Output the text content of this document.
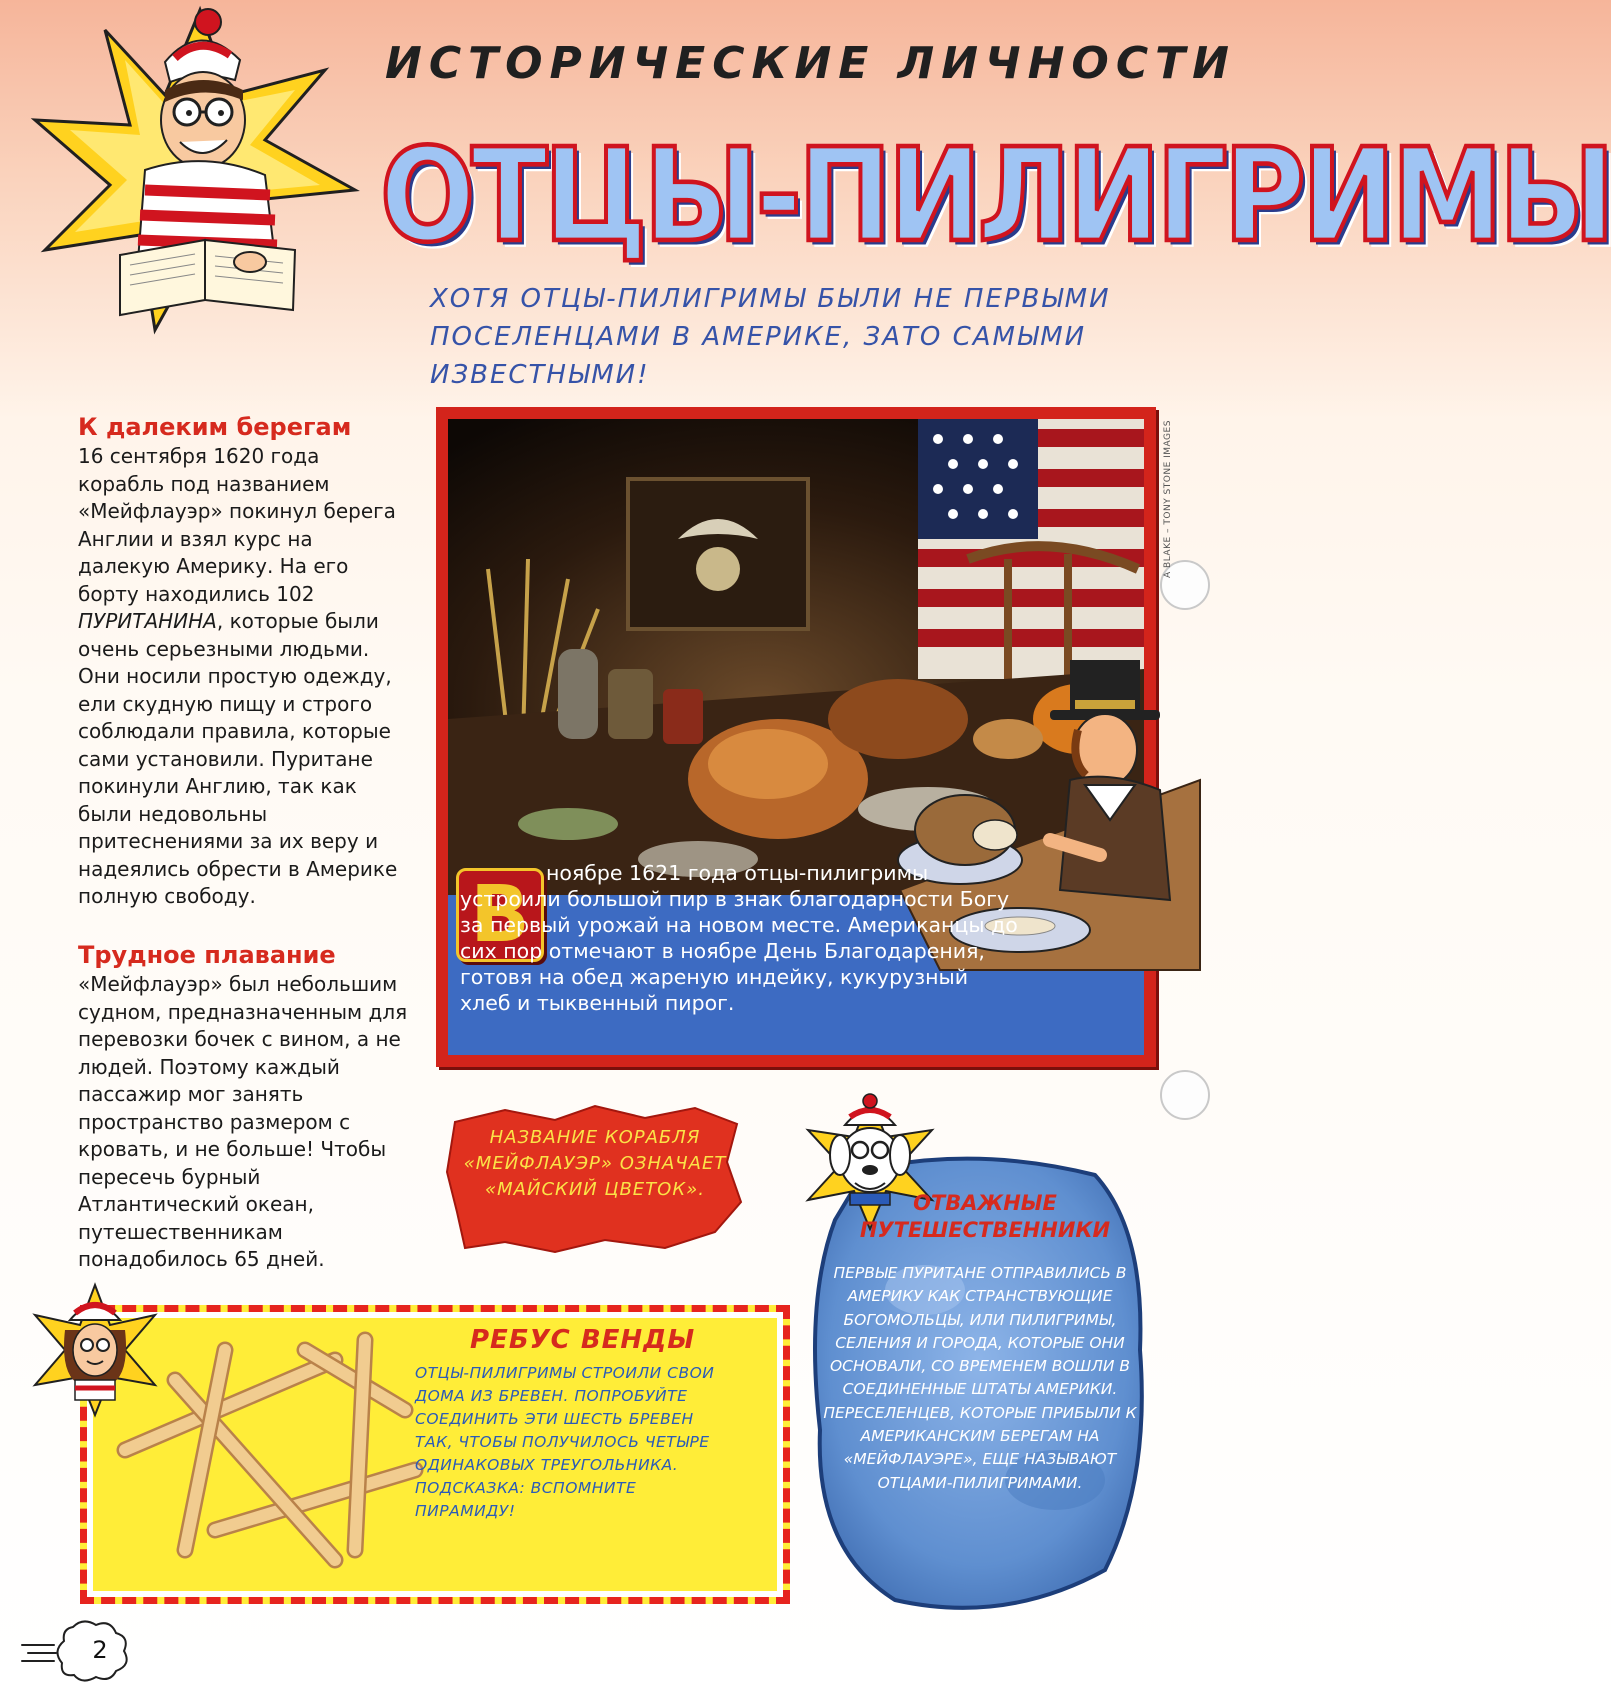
ИСТОРИЧЕСКИЕ ЛИЧНОСТИ
ОТЦЫ-ПИЛИГРИМЫ
ХОТЯ ОТЦЫ-ПИЛИГРИМЫ БЫЛИ НЕ ПЕРВЫМИ ПОСЕЛЕНЦАМИ В АМЕРИКЕ, ЗАТО САМЫМИ ИЗВЕСТНЫМИ!
К далеким берегам

16 сентября 1620 года корабль под названием «Мейфлауэр» покинул берега Англии и взял курс на далекую Америку. На его борту находились 102 ПУРИТАНИНА, которые были очень серьезными людьми. Они носили простую одежду, ели скудную пищу и строго соблюдали правила, которые сами установили. Пуритане покинули Англию, так как были недовольны притеснениями за их веру и надеялись обрести в Америке полную свободу.

Трудное плавание

«Мейфлауэр» был небольшим судном, предназначенным для перевозки бочек с вином, а не людей. Поэтому каждый пассажир мог занять пространство размером с кровать, и не больше! Чтобы пересечь бурный Атлантический океан, путешественникам понадобилось 65 дней.

A BLAKE – TONY STONE IMAGES
В ноябре 1621 года отцы-пилигримы устроили большой пир в знак благодарности Богу за первый урожай на новом месте. Американцы до сих пор отмечают в ноябре День Благодарения, готовя на обед жареную индейку, кукурузный хлеб и тыквенный пирог.

НАЗВАНИЕ КОРАБЛЯ «МЕЙФЛАУЭР» ОЗНАЧАЕТ «МАЙСКИЙ ЦВЕТОК».
РЕБУС ВЕНДЫ
ОТЦЫ-ПИЛИГРИМЫ СТРОИЛИ СВОИ ДОМА ИЗ БРЕВЕН. ПОПРОБУЙТЕ СОЕДИНИТЬ ЭТИ ШЕСТЬ БРЕВЕН ТАК, ЧТОБЫ ПОЛУЧИЛОСЬ ЧЕТЫРЕ ОДИНАКОВЫХ ТРЕУГОЛЬНИКА. ПОДСКАЗКА: ВСПОМНИТЕ ПИРАМИДУ!
ОТВАЖНЫЕ ПУТЕШЕСТВЕННИКИ
ПЕРВЫЕ ПУРИТАНЕ ОТПРАВИЛИСЬ В АМЕРИКУ КАК СТРАНСТВУЮЩИЕ БОГОМОЛЬЦЫ, ИЛИ ПИЛИГРИМЫ, СЕЛЕНИЯ И ГОРОДА, КОТОРЫЕ ОНИ ОСНОВАЛИ, СО ВРЕМЕНЕМ ВОШЛИ В СОЕДИНЕННЫЕ ШТАТЫ АМЕРИКИ. ПЕРЕСЕЛЕНЦЕВ, КОТОРЫЕ ПРИБЫЛИ К АМЕРИКАНСКИМ БЕРЕГАМ НА «МЕЙФЛАУЭРЕ», ЕЩЕ НАЗЫВАЮТ ОТЦАМИ-ПИЛИГРИМАМИ.
2
